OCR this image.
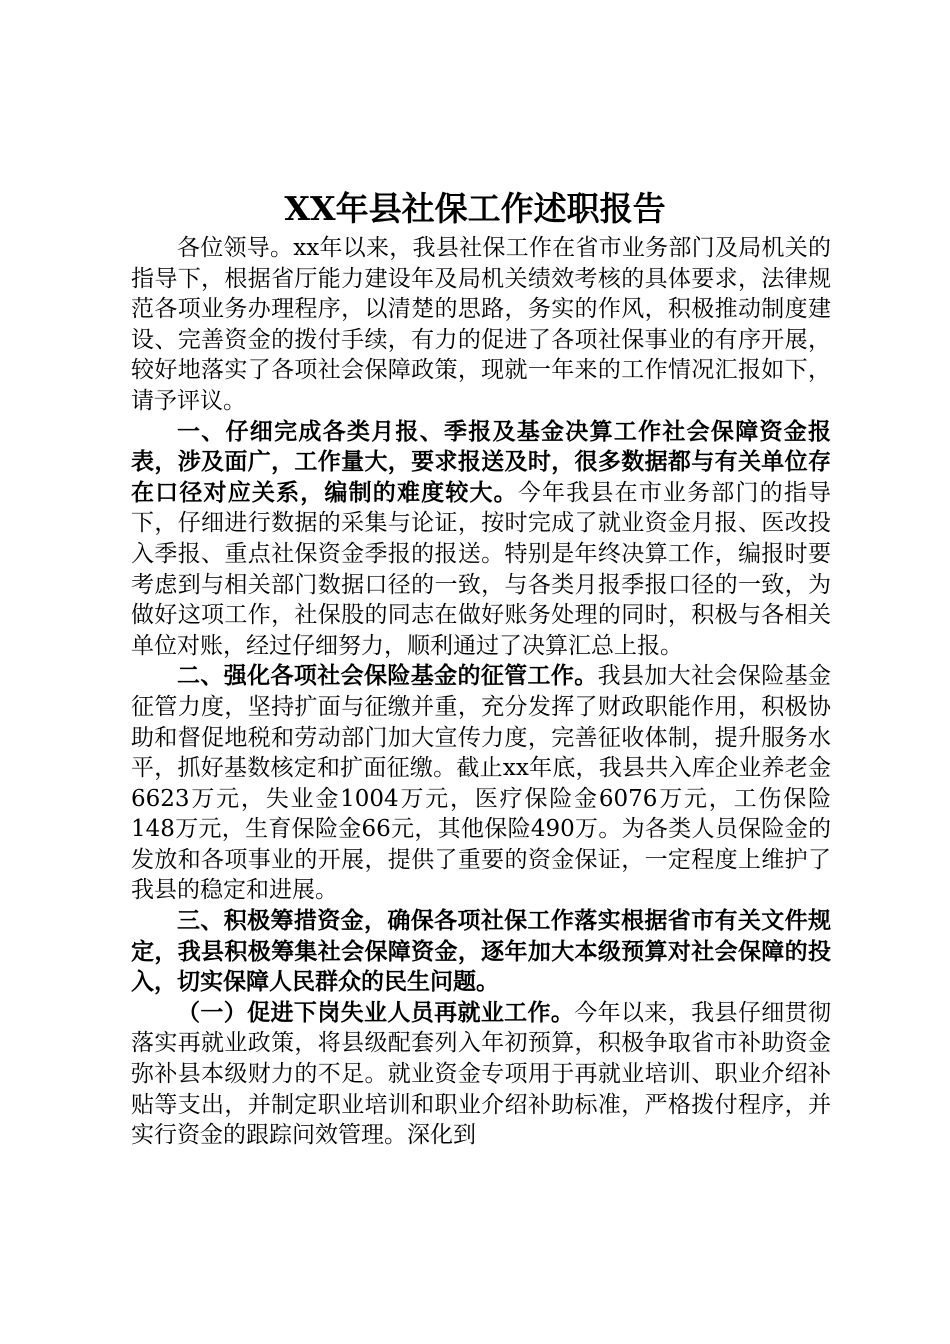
XX年县社保工作述职报告

各位领导。xx年以来，我县社保工作在省市业务部门及局机关的指导下，根据省厅能力建设年及局机关绩效考核的具体要求，法律规范各项业务办理程序，以清楚的思路，务实的作风，积极推动制度建设、完善资金的拨付手续，有力的促进了各项社保事业的有序开展，较好地落实了各项社会保障政策，现就一年来的工作情况汇报如下，请予评议。

一、仔细完成各类月报、季报及基金决算工作社会保障资金报表，涉及面广，工作量大，要求报送及时，很多数据都与有关单位存在口径对应关系，编制的难度较大。今年我县在市业务部门的指导下，仔细进行数据的采集与论证，按时完成了就业资金月报、医改投入季报、重点社保资金季报的报送。特别是年终决算工作，编报时要考虑到与相关部门数据口径的一致，与各类月报季报口径的一致，为做好这项工作，社保股的同志在做好账务处理的同时，积极与各相关单位对账，经过仔细努力，顺利通过了决算汇总上报。

二、强化各项社会保险基金的征管工作。我县加大社会保险基金征管力度，坚持扩面与征缴并重，充分发挥了财政职能作用，积极协助和督促地税和劳动部门加大宣传力度，完善征收体制，提升服务水平，抓好基数核定和扩面征缴。截止xx年底，我县共入库企业养老金6623万元，失业金1004万元，医疗保险金6076万元，工伤保险148万元，生育保险金66元，其他保险490万。为各类人员保险金的发放和各项事业的开展，提供了重要的资金保证，一定程度上维护了我县的稳定和进展。

三、积极筹措资金，确保各项社保工作落实根据省市有关文件规定，我县积极筹集社会保障资金，逐年加大本级预算对社会保障的投入，切实保障人民群众的民生问题。

（一）促进下岗失业人员再就业工作。今年以来，我县仔细贯彻落实再就业政策，将县级配套列入年初预算，积极争取省市补助资金弥补县本级财力的不足。就业资金专项用于再就业培训、职业介绍补贴等支出，并制定职业培训和职业介绍补助标准，严格拨付程序，并实行资金的跟踪问效管理。深化到
